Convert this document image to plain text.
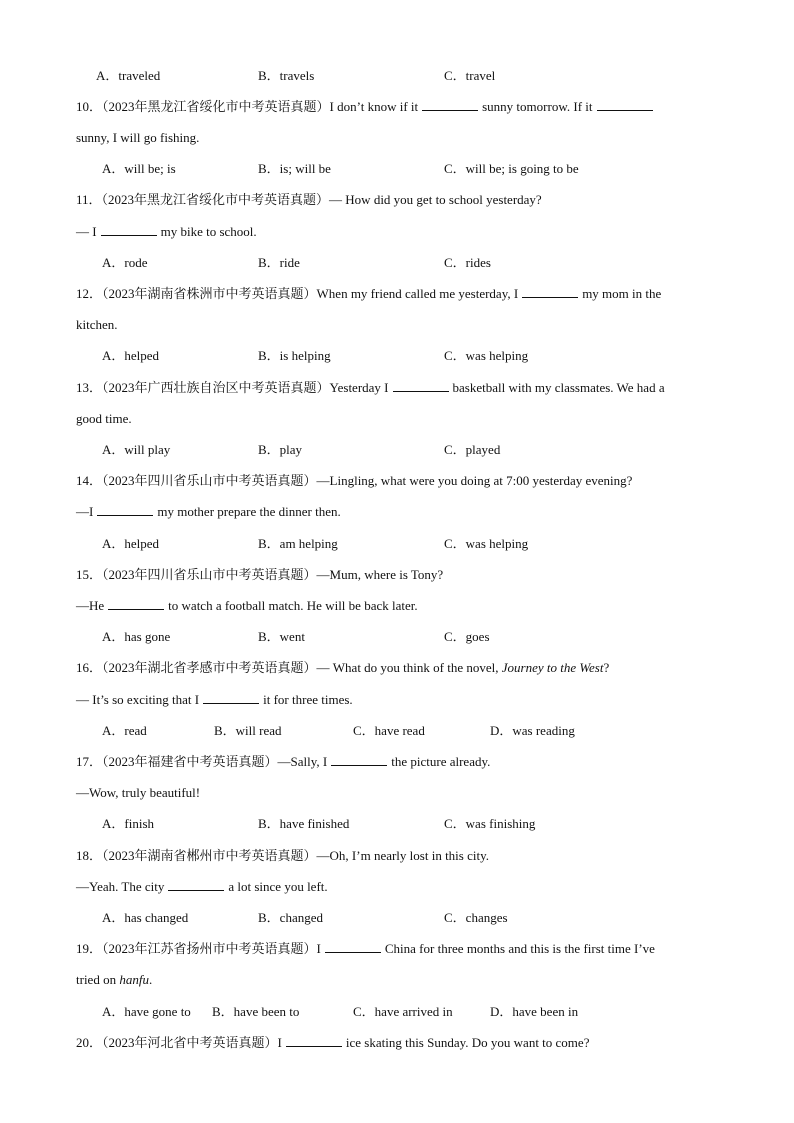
A．traveled	B．travels	C．travel
10．（2023年黑龙江省绥化市中考英语真题）I don’t know if it	sunny tomorrow. If it
sunny, I will go fishing.
A．will be; is	B．is; will be	C．will be; is going to be
11．（2023年黑龙江省绥化市中考英语真题）— How did you get to school yesterday?
— I	my bike to school.
A．rode	B．ride	C．rides
12．（2023年湖南省株洲市中考英语真题）When my friend called me yesterday, I	my mom in the
kitchen.
A．helped	B．is helping	C．was helping
13．（2023年广西壮族自治区中考英语真题）Yesterday I	basketball with my classmates. We had a
good time.
A．will play	B．play	C．played
14．（2023年四川省乐山市中考英语真题）—Lingling, what were you doing at 7:00 yesterday evening?
—I	my mother prepare the dinner then.
A．helped	B．am helping	C．was helping
15．（2023年四川省乐山市中考英语真题）—Mum, where is Tony?
—He	to watch a football match. He will be back later.
A．has gone	B．went	C．goes
16．（2023年湖北省孝感市中考英语真题）— What do you think of the novel, Journey to the West?
— It’s so exciting that I	it for three times.
A．read	B．will read	C．have read	D．was reading
17．（2023年福建省中考英语真题）—Sally, I	the picture already.
—Wow, truly beautiful!
A．finish	B．have finished	C．was finishing
18．（2023年湖南省郴州市中考英语真题）—Oh, I’m nearly lost in this city.
—Yeah. The city	a lot since you left.
A．has changed	B．changed	C．changes
19．（2023年江苏省扬州市中考英语真题）I	China for three months and this is the first time I’ve
tried on hanfu.
A．have gone to B．have been to	C．have arrived in	D．have been in
20．（2023年河北省中考英语真题）I	ice skating this Sunday. Do you want to come?
